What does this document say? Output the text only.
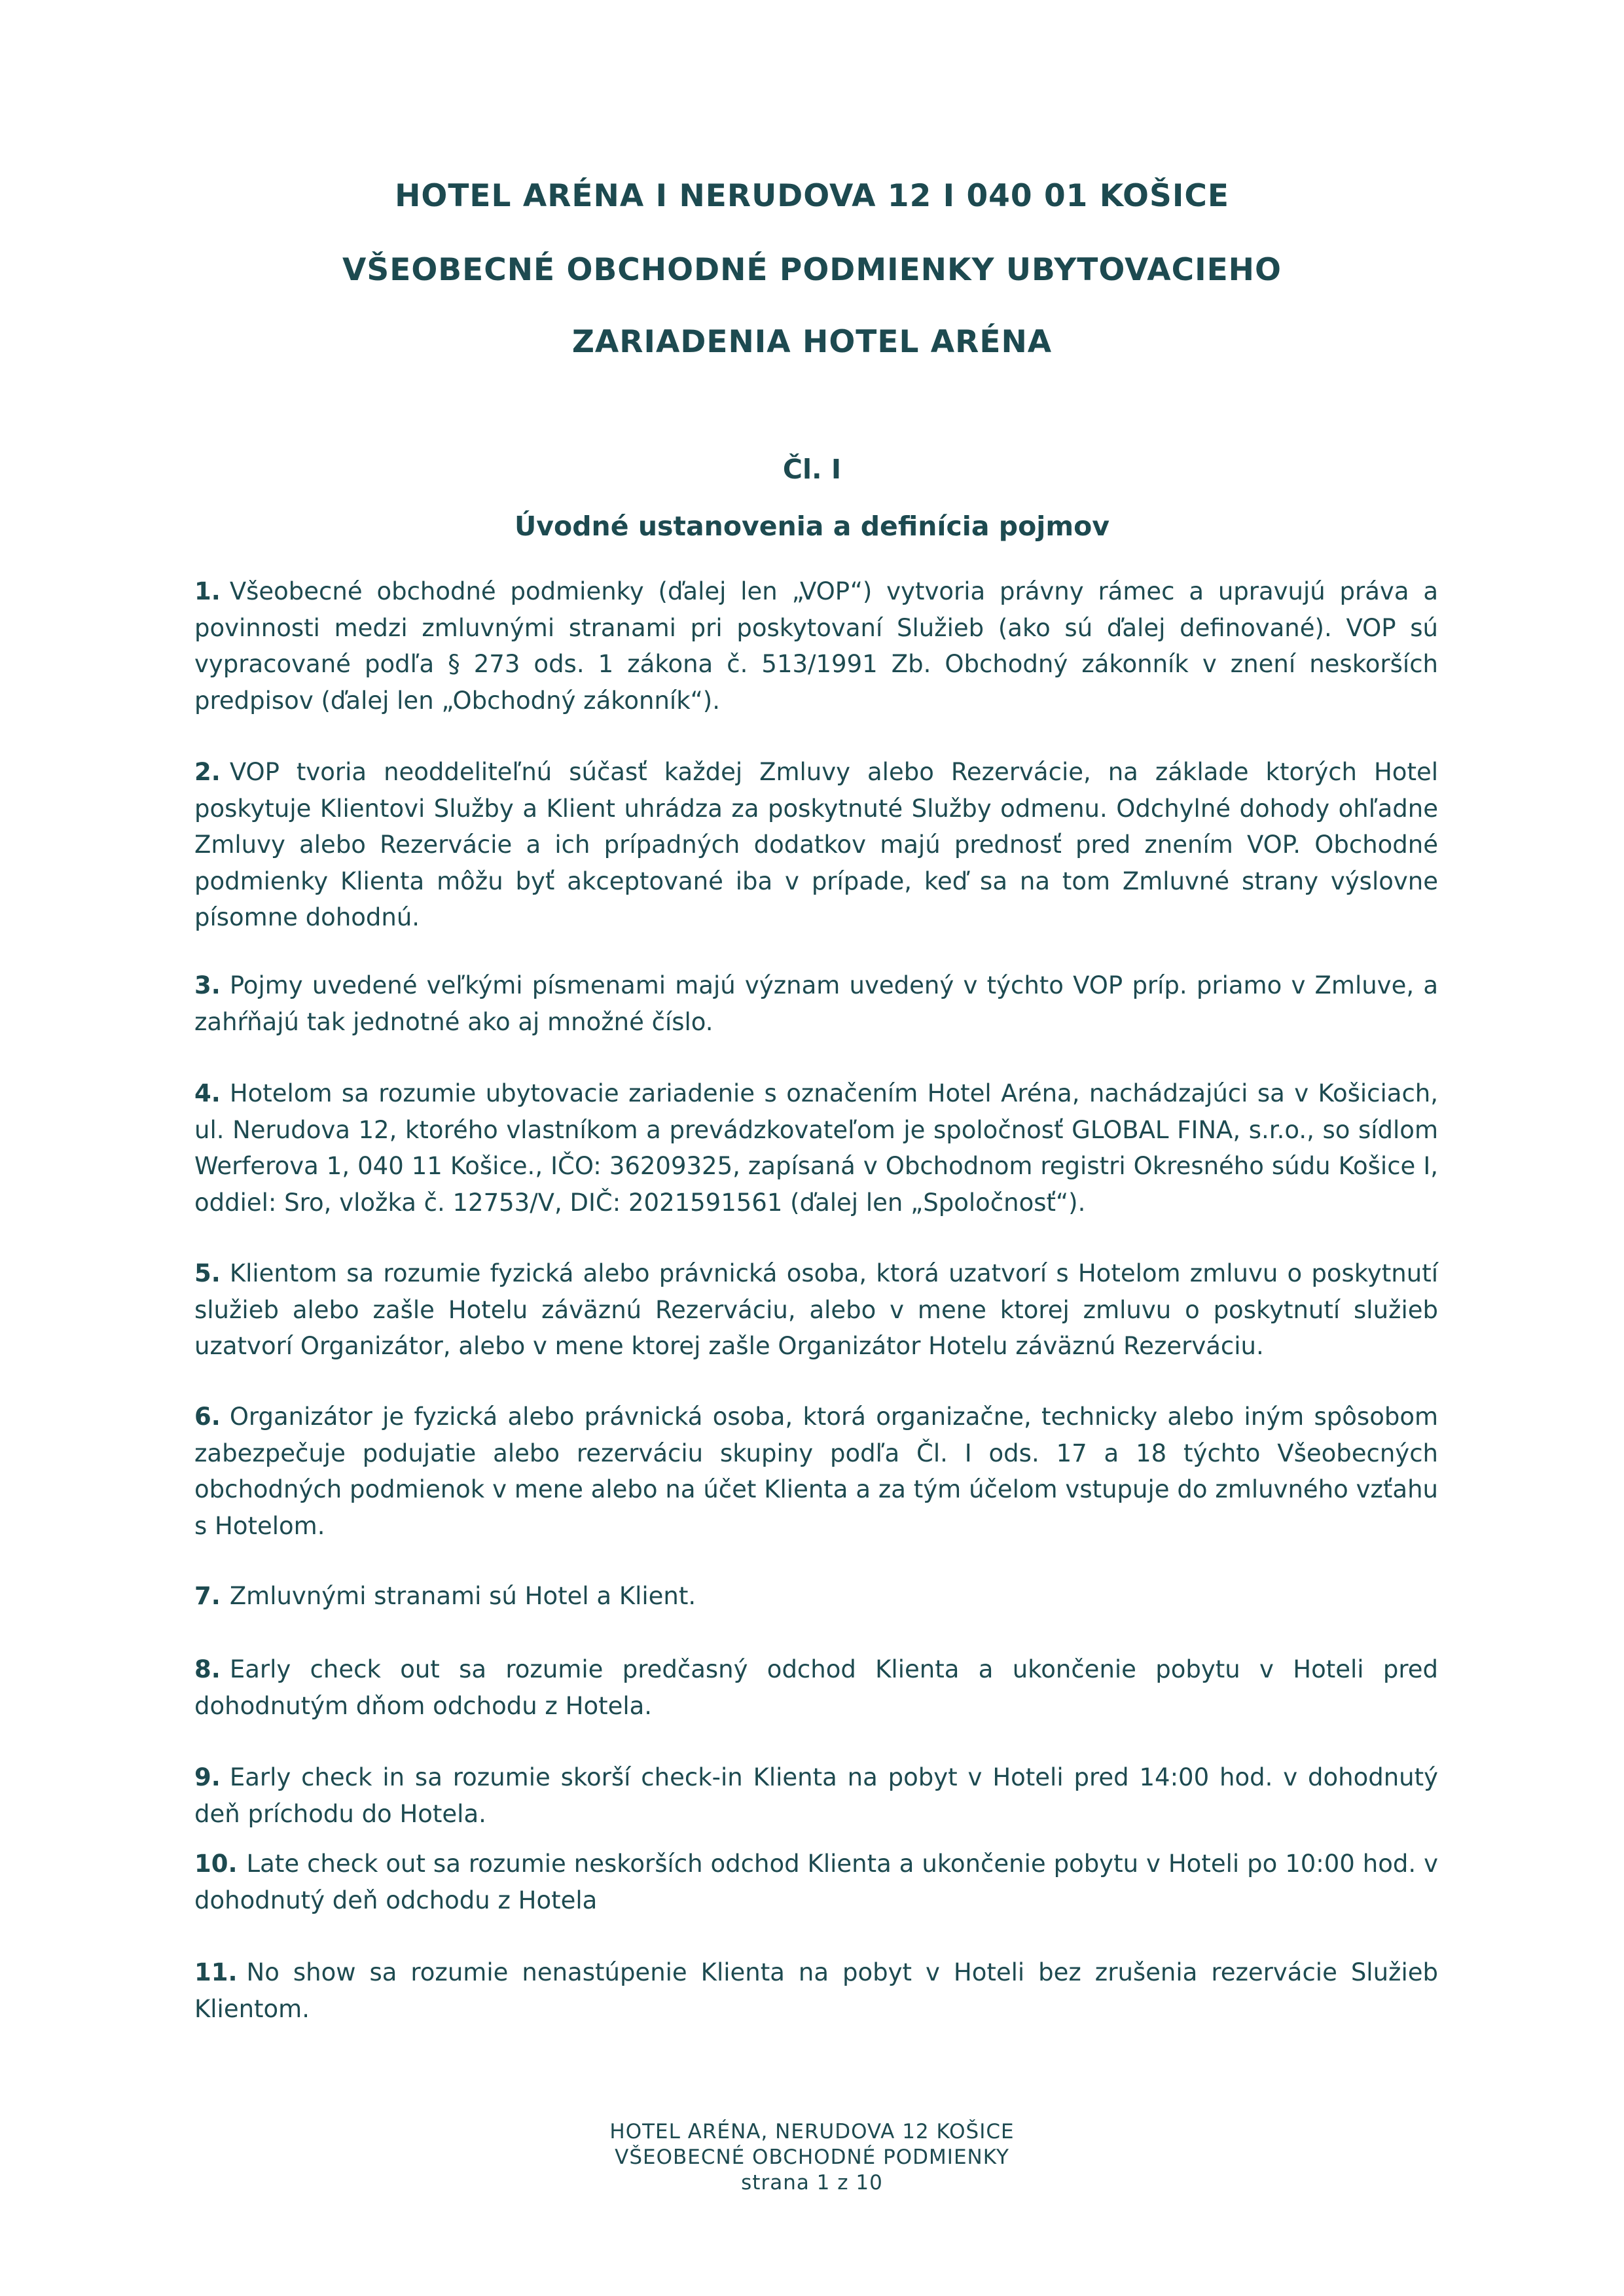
HOTEL ARÉNA I NERUDOVA 12 I 040 01 KOŠICE
VŠEOBECNÉ OBCHODNÉ PODMIENKY UBYTOVACIEHO
ZARIADENIA HOTEL ARÉNA
Čl. I
Úvodné ustanovenia a definícia pojmov

1. Všeobecné obchodné podmienky (ďalej len „VOP“) vytvoria právny rámec a upravujú práva a povinnosti medzi zmluvnými stranami pri poskytovaní Služieb (ako sú ďalej definované). VOP sú vypracované podľa § 273 ods. 1 zákona č. 513/1991 Zb. Obchodný zákonník v znení neskorších predpisov (ďalej len „Obchodný zákonník“).

2. VOP tvoria neoddeliteľnú súčasť každej Zmluvy alebo Rezervácie, na základe ktorých Hotel poskytuje Klientovi Služby a Klient uhrádza za poskytnuté Služby odmenu. Odchylné dohody ohľadne Zmluvy alebo Rezervácie a ich prípadných dodatkov majú prednosť pred znením VOP. Obchodné podmienky Klienta môžu byť akceptované iba v prípade, keď sa na tom Zmluvné strany výslovne písomne dohodnú.

3. Pojmy uvedené veľkými písmenami majú význam uvedený v týchto VOP príp. priamo v Zmluve, a zahŕňajú tak jednotné ako aj množné číslo.

4. Hotelom sa rozumie ubytovacie zariadenie s označením Hotel Aréna, nachádzajúci sa v Košiciach, ul. Nerudova 12, ktorého vlastníkom a prevádzkovateľom je spoločnosť GLOBAL FINA, s.r.o., so sídlom Werferova 1, 040 11 Košice., IČO: 36209325, zapísaná v Obchodnom registri Okresného súdu Košice I, oddiel: Sro, vložka č. 12753/V, DIČ: 2021591561 (ďalej len „Spoločnosť“).

5. Klientom sa rozumie fyzická alebo právnická osoba, ktorá uzatvorí s Hotelom zmluvu o poskytnutí služieb alebo zašle Hotelu záväznú Rezerváciu, alebo v mene ktorej zmluvu o poskytnutí služieb uzatvorí Organizátor, alebo v mene ktorej zašle Organizátor Hotelu záväznú Rezerváciu.

6. Organizátor je fyzická alebo právnická osoba, ktorá organizačne, technicky alebo iným spôsobom zabezpečuje podujatie alebo rezerváciu skupiny podľa Čl. I ods. 17 a 18 týchto Všeobecných obchodných podmienok v mene alebo na účet Klienta a za tým účelom vstupuje do zmluvného vzťahu s Hotelom.

7. Zmluvnými stranami sú Hotel a Klient.

8. Early check out sa rozumie predčasný odchod Klienta a ukončenie pobytu v Hoteli pred dohodnutým dňom odchodu z Hotela.

9. Early check in sa rozumie skorší check-in Klienta na pobyt v Hoteli pred 14:00 hod. v dohodnutý deň príchodu do Hotela.

10. Late check out sa rozumie neskorších odchod Klienta a ukončenie pobytu v Hoteli po 10:00 hod. v dohodnutý deň odchodu z Hotela

11. No show sa rozumie nenastúpenie Klienta na pobyt v Hoteli bez zrušenia rezervácie Služieb Klientom.

HOTEL ARÉNA, NERUDOVA 12 KOŠICE
VŠEOBECNÉ OBCHODNÉ PODMIENKY
strana 1 z 10
